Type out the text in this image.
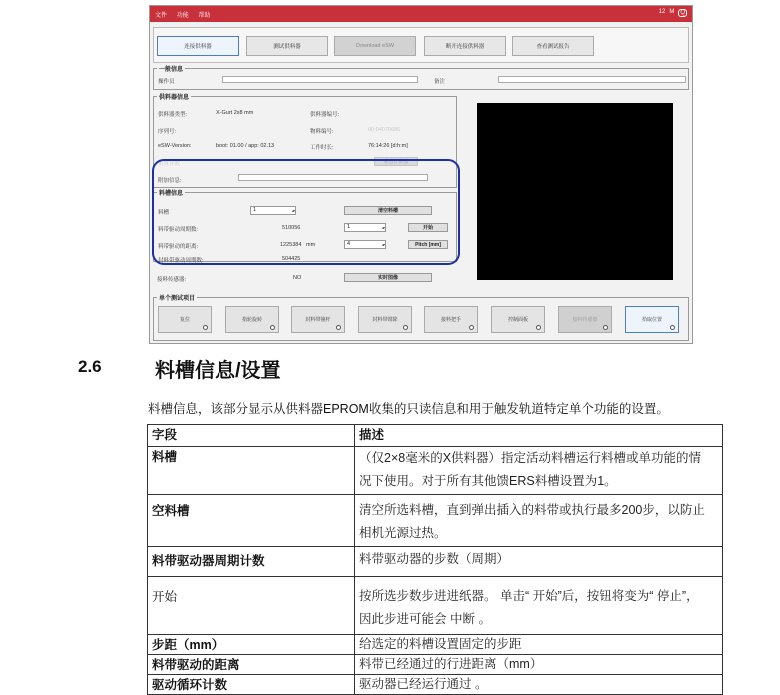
文件 功能 帮助
12 M	Q
连接供料器	测试供料器	Download eSW	断开连接供料器	查看测试报告
一般信息
操作员	备注
供料器信息
供料器类型:	X-Gurt 2x8 mm	供料器编号:
序列号:	物料编号:	00 04070686
eSW-Version:	boot: 01.00 / app: 02.13	工作时长:	76:14:26 [d:h:m]
重置计数	重置计数器
附加信息:
料槽信息
料槽	1 ▴▾	清空料槽
料带驱动周期数:	510056	1 ▴▾	开始
料带驱动的距离:	1225384 mm	4 ▴▾	Pitch [mm]
封料带驱动周期数:	504425
接料传感器:	NO	实时图像
单个测试项目
复位	指轮旋转	封料带撞杆	封料带钳除	接料把手	控制面板	接料传感器	拾取位置
2.6	料槽信息/设置
料槽信息，该部分显示从供料器EPROM收集的只读信息和用于触发轨道特定单个功能的设置。
字段	描述
料槽	（仅2×8毫米的X供料器）指定活动料槽运行料槽或单功能的情
况下使用。对于所有其他馈ERS料槽设置为1。

空料槽	清空所选料槽，直到弹出插入的料带或执行最多200步，以防止
相机光源过热。

料带驱动器周期计数	料带驱动器的步数（周期）

开始	按所选步数步进进纸器。 单击“ 开始”后，按钮将变为“ 停止”，
因此步进可能会 中断 。

步距（mm）	给选定的料槽设置固定的步距

料带驱动的距离	料带已经通过的行进距离（mm）

驱动循环计数	驱动器已经运行通过 。
